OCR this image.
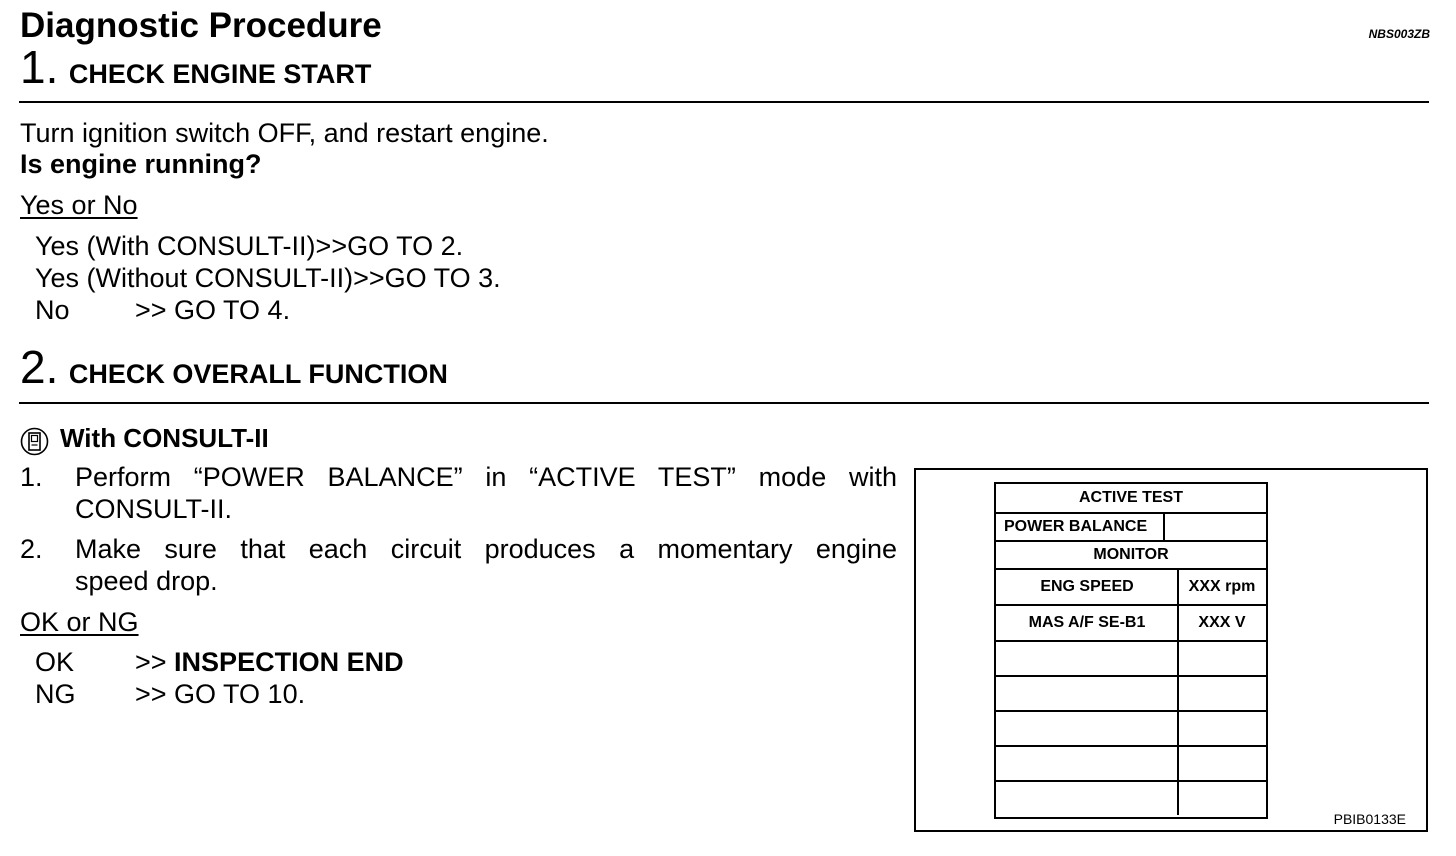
Diagnostic Procedure	NBS003ZB
1. CHECK ENGINE START
Turn ignition switch OFF, and restart engine.
Is engine running?
Yes or No
Yes (With CONSULT-II)>>GO TO 2.
Yes (Without CONSULT-II)>>GO TO 3.
No >> GO TO 4.
2. CHECK OVERALL FUNCTION
With CONSULT-II
1. Perform “POWER BALANCE” in “ACTIVE TEST” mode with
CONSULT-II.
2. Make sure that each circuit produces a momentary engine
speed drop.
OK or NG
OK >> INSPECTION END
NG >> GO TO 10.
ACTIVE TEST
POWER BALANCE
MONITOR
ENG SPEED	XXX rpm
MAS A/F SE-B1	XXX V
PBIB0133E
